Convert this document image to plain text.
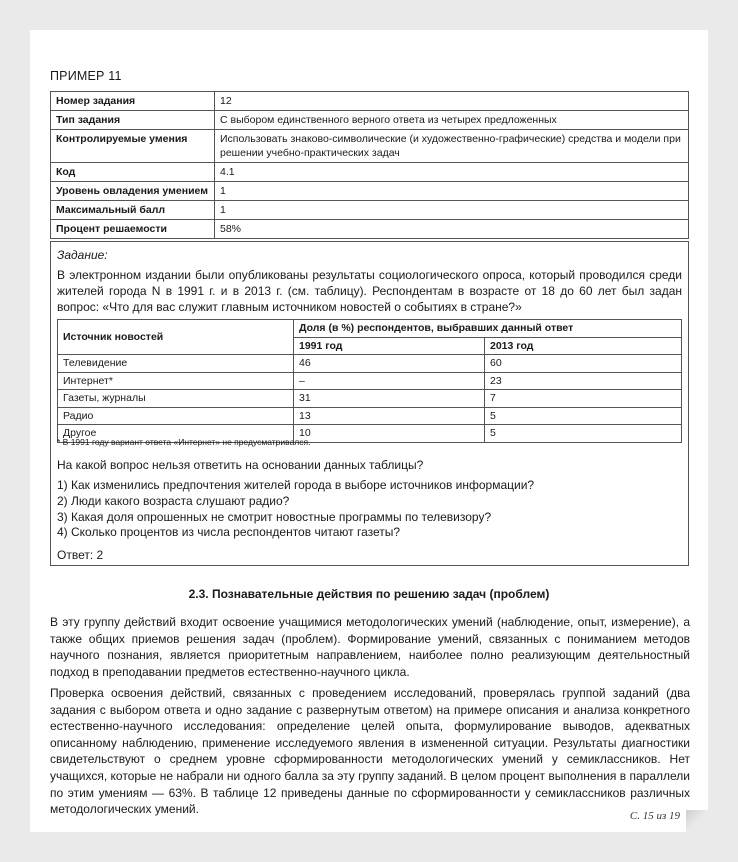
ПРИМЕР 11
Номер задания	12
Тип задания	С выбором единственного верного ответа из четырех предложенных
Контролируемые умения	Использовать знаково-символические (и художественно-графические) средства и модели при решении учебно-практических задач
Код	4.1
Уровень овладения умением	1
Максимальный балл	1
Процент решаемости	58%
Задание:
В электронном издании были опубликованы результаты социологического опроса, который проводился среди жителей города N в 1991 г. и в 2013 г. (см. таблицу). Респондентам в возрасте от 18 до 60 лет был задан вопрос: «Что для вас служит главным источником новостей о событиях в стране?»
Источник новостей	Доля (в %) респондентов, выбравших данный ответ	
	1991 год	2013 год
Телевидение	46	60
Интернет*	–	23
Газеты, журналы	31	7
Радио	13	5
Другое	10	5
* В 1991 году вариант ответа «Интернет» не предусматривался.
На какой вопрос нельзя ответить на основании данных таблицы?
1) Как изменились предпочтения жителей города в выборе источников информации?
2) Люди какого возраста слушают радио?
3) Какая доля опрошенных не смотрит новостные программы по телевизору?
4) Сколько процентов из числа респондентов читают газеты?
Ответ: 2
2.3. Познавательные действия по решению задач (проблем)

В эту группу действий входит освоение учащимися методологических умений (наблюдение, опыт, измерение), а также общих приемов решения задач (проблем). Формирование умений, связанных с пониманием методов научного познания, является приоритетным направлением, наиболее полно реализующим деятельностный подход в преподавании предметов естественно-научного цикла.

Проверка освоения действий, связанных с проведением исследований, проверялась группой заданий (два задания с выбором ответа и одно задание с развернутым ответом) на примере описания и анализа конкретного естественно-научного исследования: определение целей опыта, формулирование выводов, адекватных описанному наблюдению, применение исследуемого явления в измененной ситуации. Результаты диагностики свидетельствуют о среднем уровне сформированности методологических умений у семиклассников. Нет учащихся, которые не набрали ни одного балла за эту группу заданий. В целом процент выполнения в параллели по этим умениям — 63%. В таблице 12 приведены данные по сформированности у семиклассников различных методологических умений.	С. 15 из 19
